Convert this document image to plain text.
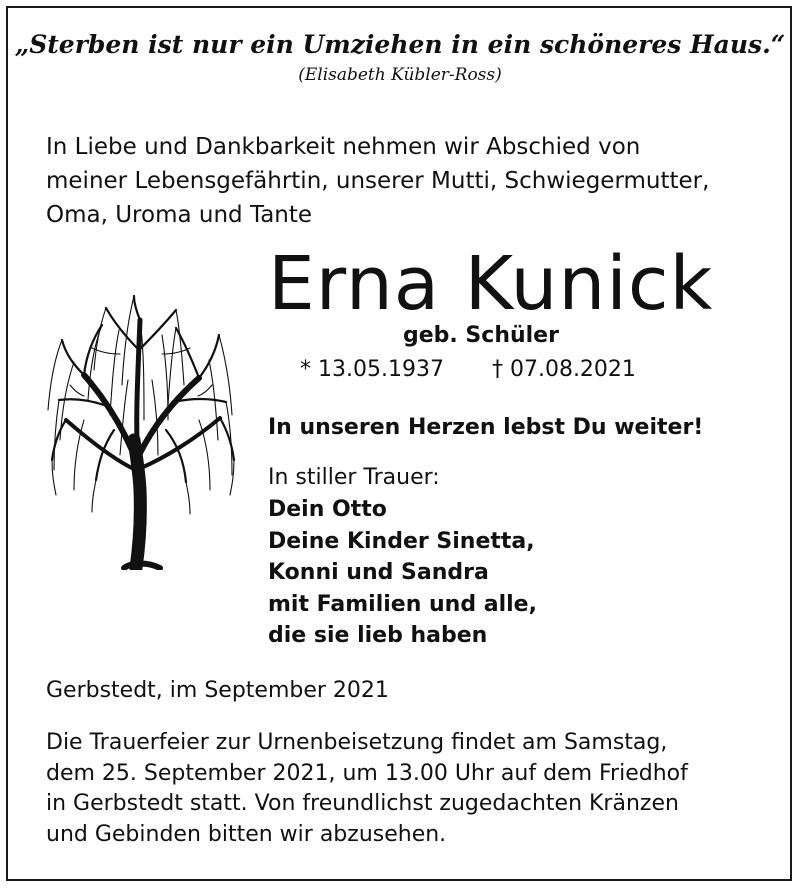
„Sterben ist nur ein Umziehen in ein schöneres Haus.“
(Elisabeth Kübler-Ross)
In Liebe und Dankbarkeit nehmen wir Abschied von
meiner Lebensgefährtin, unserer Mutti, Schwiegermutter,
Oma, Uroma und Tante
Erna Kunick
geb. Schüler
* 13.05.1937 † 07.08.2021
In unseren Herzen lebst Du weiter!
In stiller Trauer:
Dein Otto
Deine Kinder Sinetta,
Konni und Sandra
mit Familien und alle,
die sie lieb haben
Gerbstedt, im September 2021
Die Trauerfeier zur Urnenbeisetzung findet am Samstag,
dem 25. September 2021, um 13.00 Uhr auf dem Friedhof
in Gerbstedt statt. Von freundlichst zugedachten Kränzen
und Gebinden bitten wir abzusehen.
